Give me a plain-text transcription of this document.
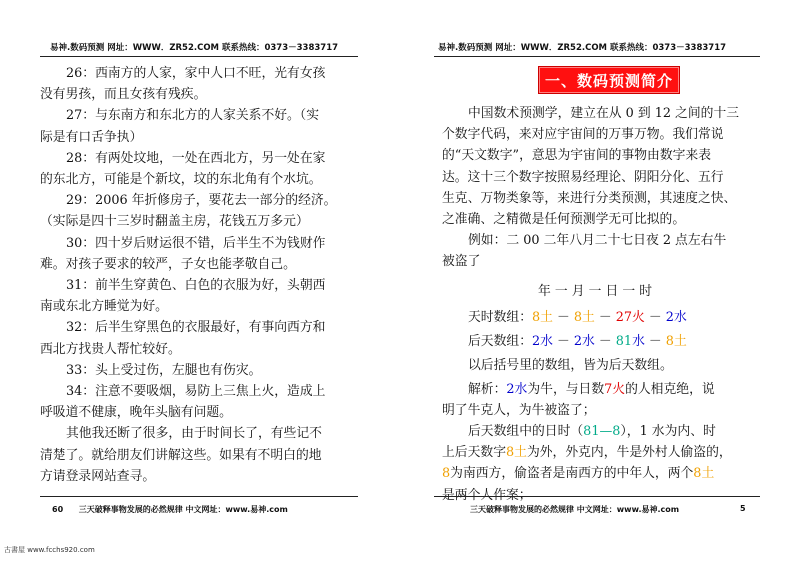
易神.数码预测 网址：WWW．ZR52.COM 联系热线：0373－3383717
26：西南方的人家，家中人口不旺，光有女孩
没有男孩，而且女孩有残疾。
27：与东南方和东北方的人家关系不好。（实
际是有口舌争执）
28：有两处坟地，一处在西北方，另一处在家
的东北方，可能是个新坟，坟的东北角有个水坑。
29：2006 年折修房子，要花去一部分的经济。
（实际是四十三岁时翻盖主房，花钱五万多元）
30：四十岁后财运很不错，后半生不为钱财作
难。对孩子要求的较严，子女也能孝敬自己。
31：前半生穿黄色、白色的衣服为好，头朝西
南或东北方睡觉为好。
32：后半生穿黑色的衣服最好，有事向西方和
西北方找贵人帮忙较好。
33：头上受过伤，左腿也有伤灾。
34：注意不要吸烟，易防上三焦上火，造成上
呼吸道不健康，晚年头脑有问题。
其他我还断了很多，由于时间长了，有些记不
清楚了。就给朋友们讲解这些。如果有不明白的地
方请登录网站查寻。
60 三天破释事物发展的必然规律 中文网址：www.易神.com
易神.数码预测 网址：WWW．ZR52.COM 联系热线：0373－3383717
一、数码预测简介
中国数术预测学，建立在从 0 到 12 之间的十三
个数字代码，来对应宇宙间的万事万物。我们常说
的“天文数字”，意思为宇宙间的事物由数字来表
达。这十三个数字按照易经理论、阴阳分化、五行
生克、万物类象等，来进行分类预测，其速度之快、
之准确、之精微是任何预测学无可比拟的。
例如：二 00 二年八月二十七日夜 2 点左右牛
被盗了
年 一 月 一 日 一 时
天时数组：8土 － 8土 － 27火 － 2水
后天数组：2水 － 2水 － 81水 － 8土
以后括号里的数组，皆为后天数组。
解析：2水为牛，与日数7火的人相克绝，说
明了牛克人，为牛被盗了；
后天数组中的日时（81—8），1 水为内、时
上后天数字8土为外，外克内，牛是外村人偷盗的，
8为南西方，偷盗者是南西方的中年人，两个8土
三天破释事物发展的必然规律 中文网址：www.易神.com	5
古書屋 www.fcchs920.com
